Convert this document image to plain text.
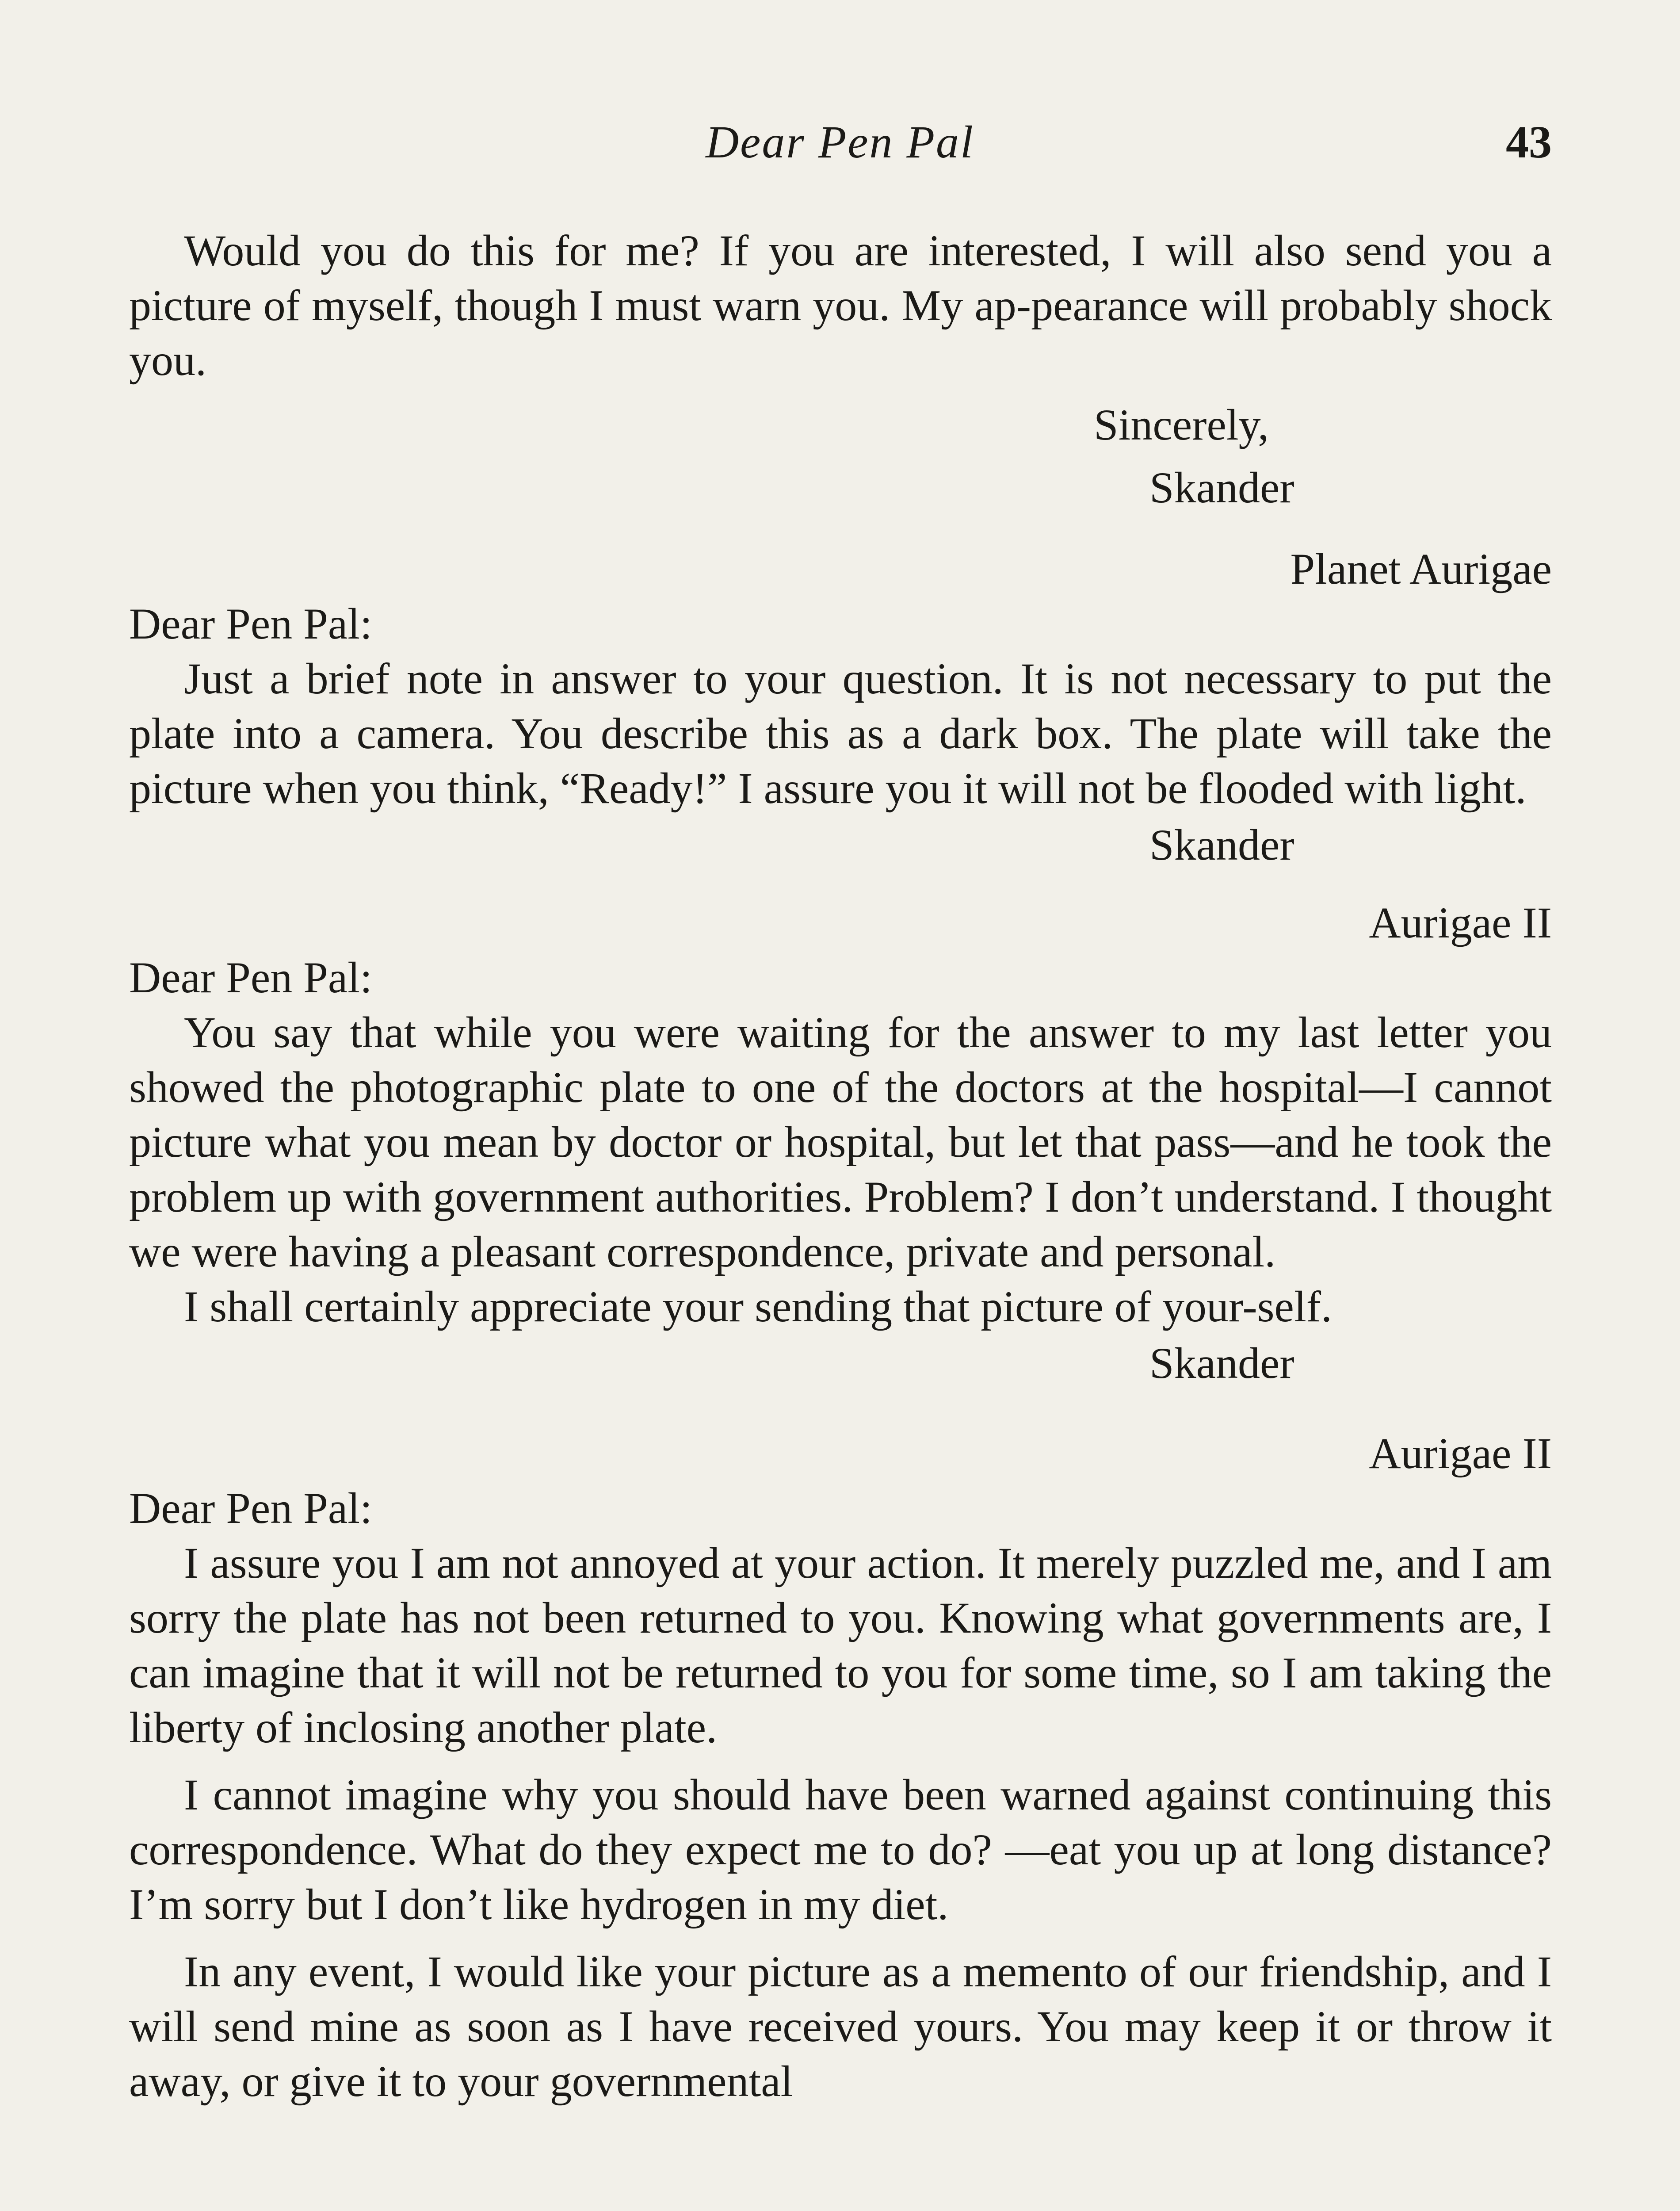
Dear Pen Pal	43

Would you do this for me? If you are interested, I will also send you a picture of myself, though I must warn you. My ap-pearance will probably shock you.

Sincerely,
Skander
Planet Aurigae
Dear Pen Pal:

Just a brief note in answer to your question. It is not necessary to put the plate into a camera. You describe this as a dark box. The plate will take the picture when you think, “Ready!” I assure you it will not be flooded with light.

Skander
Aurigae II
Dear Pen Pal:

You say that while you were waiting for the answer to my last letter you showed the photographic plate to one of the doctors at the hospital—I cannot picture what you mean by doctor or hospital, but let that pass—and he took the problem up with government authorities. Problem? I don’t understand. I thought we were having a pleasant correspondence, private and personal.

I shall certainly appreciate your sending that picture of your-self.

Skander
Aurigae II
Dear Pen Pal:

I assure you I am not annoyed at your action. It merely puzzled me, and I am sorry the plate has not been returned to you. Knowing what governments are, I can imagine that it will not be returned to you for some time, so I am taking the liberty of inclosing another plate.

I cannot imagine why you should have been warned against continuing this correspondence. What do they expect me to do? —eat you up at long distance? I’m sorry but I don’t like hydrogen in my diet.

In any event, I would like your picture as a memento of our friendship, and I will send mine as soon as I have received yours. You may keep it or throw it away, or give it to your governmental
